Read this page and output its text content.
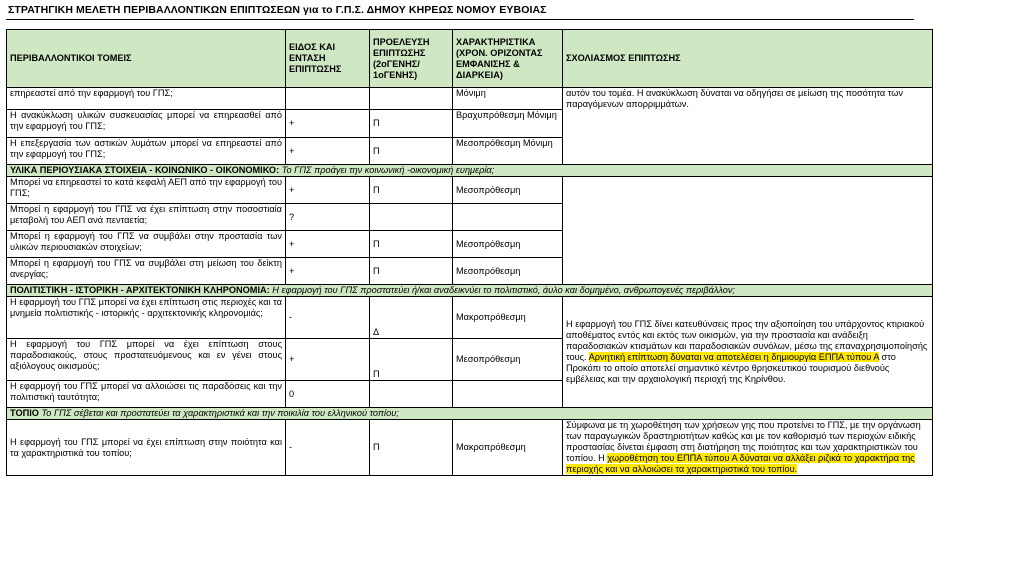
ΣΤΡΑΤΗΓΙΚΗ ΜΕΛΕΤΗ ΠΕΡΙΒΑΛΛΟΝΤΙΚΩΝ ΕΠΙΠΤΩΣΕΩΝ για το Γ.Π.Σ. ΔΗΜΟΥ ΚΗΡΕΩΣ ΝΟΜΟΥ ΕΥΒΟΙΑΣ
ΠΕΡΙΒΑΛΛΟΝΤΙΚΟΙ ΤΟΜΕΙΣ	ΕΙΔΟΣ ΚΑΙ ΕΝΤΑΣΗ ΕΠΙΠΤΩΣΗΣ	ΠΡΟΕΛΕΥΣΗ ΕΠΙΠΤΩΣΗΣ (2οΓΕΝΗΣ/ 1οΓΕΝΗΣ)	ΧΑΡΑΚΤΗΡΙΣΤΙΚΑ (ΧΡΟΝ. ΟΡΙΖΟΝΤΑΣ ΕΜΦΑΝΙΣΗΣ & ΔΙΑΡΚΕΙΑ)	ΣΧΟΛΙΑΣΜΟΣ ΕΠΙΠΤΩΣΗΣ
επηρεαστεί από την εφαρμογή του ΓΠΣ;			Μόνιμη	αυτόν του τομέα. Η ανακύκλωση δύναται να οδηγήσει σε μείωση της ποσότητα των παραγόμενων απορριμμάτων.
Η ανακύκλωση υλικών συσκευασίας μπορεί να επηρεασθεί από την εφαρμογή του ΓΠΣ;	+	Π	Βραχυπρόθεσμη Μόνιμη	
Η επεξεργασία των αστικών λυμάτων μπορεί να επηρεαστεί από την εφαρμογή του ΓΠΣ;	+	Π	Μεσοπρόθεσμη Μόνιμη	
ΥΛΙΚΑ ΠΕΡΙΟΥΣΙΑΚΑ ΣΤΟΙΧΕΙΑ - ΚΟΙΝΩΝΙΚΟ - ΟΙΚΟΝΟΜΙΚΟ: Το ΓΠΣ προάγει την κοινωνική -οικονομική ευημερία;				
Μπορεί να επηρεαστεί το κατά κεφαλή ΑΕΠ από την εφαρμογή του ΓΠΣ;	+	Π	Μεσοπρόθεσμη	
Μπορεί η εφαρμογή του ΓΠΣ να έχει επίπτωση στην ποσοστιαία μεταβολή του ΑΕΠ ανά πενταετία;	?			
Μπορεί η εφαρμογή του ΓΠΣ να συμβάλει στην προστασία των υλικών περιουσιακών στοιχείων;	+	Π	Μεσοπρόθεσμη	
Μπορεί η εφαρμογή του ΓΠΣ να συμβάλει στη μείωση του δείκτη ανεργίας;	+	Π	Μεσοπρόθεσμη	
ΠΟΛΙΤΙΣΤΙΚΗ - ΙΣΤΟΡΙΚΗ - ΑΡΧΙΤΕΚΤΟΝΙΚΗ ΚΛΗΡΟΝΟΜΙΑ: Η εφαρμογή του ΓΠΣ προστατεύει ή/και αναδεικνύει το πολιτιστικό, άυλο και δομημένο, ανθρωπογενές περιβάλλον;				
Η εφαρμογή του ΓΠΣ μπορεί να έχει επίπτωση στις περιοχές και τα μνημεία πολιτιστικής - ιστορικής - αρχιτεκτονικής κληρονομιάς;	-	Δ	Μακροπρόθεσμη	Η εφαρμογή του ΓΠΣ δίνει κατευθύνσεις προς την αξιοποίηση του υπάρχοντος κτιριακού αποθέματος εντός και εκτός των οικισμών, για την προστασία και ανάδειξη παραδοσιακών κτισμάτων και παραδοσιακών συνόλων, μέσω της επαναχρησιμοποίησής τους. Αρνητική επίπτωση δύναται να αποτελέσει η δημιουργία ΕΠΠΑ τύπου Α στο Προκόπι το οποίο αποτελεί σημαντικό κέντρο θρησκευτικού τουρισμού διεθνούς εμβέλειας και την αρχαιολογική περιοχή της Κηρίνθου.
Η εφαρμογή του ΓΠΣ μπορεί να έχει επίπτωση στους παραδοσιακούς, στους προστατευόμενους και εν γένει στους αξιόλογους οικισμούς;	+	Π	Μεσοπρόθεσμη	
Η εφαρμογή του ΓΠΣ μπορεί να αλλοιώσει τις παραδόσεις και την πολιτιστική ταυτότητα;	0			
ΤΟΠΙΟ Το ΓΠΣ σέβεται και προστατεύει τα χαρακτηριστικά και την ποικιλία του ελληνικού τοπίου;				
Η εφαρμογή του ΓΠΣ μπορεί να έχει επίπτωση στην ποιότητα και τα χαρακτηριστικά του τοπίου;	-	Π	Μακροπρόθεσμη	Σύμφωνα με τη χωροθέτηση των χρήσεων γης που προτείνει το ΓΠΣ, με την οργάνωση των παραγωγικών δραστηριοτήτων καθώς και με τον καθορισμό των περιοχών ειδικής προστασίας δίνεται έμφαση στη διατήρηση της ποιότητας και των χαρακτηριστικών του τοπίου. Η χωροθέτηση του ΕΠΠΑ τύπου Α δύναται να αλλάξει ριζικά το χαρακτήρα της περιοχής και να αλλοιώσει τα χαρακτηριστικά του τοπίου.
